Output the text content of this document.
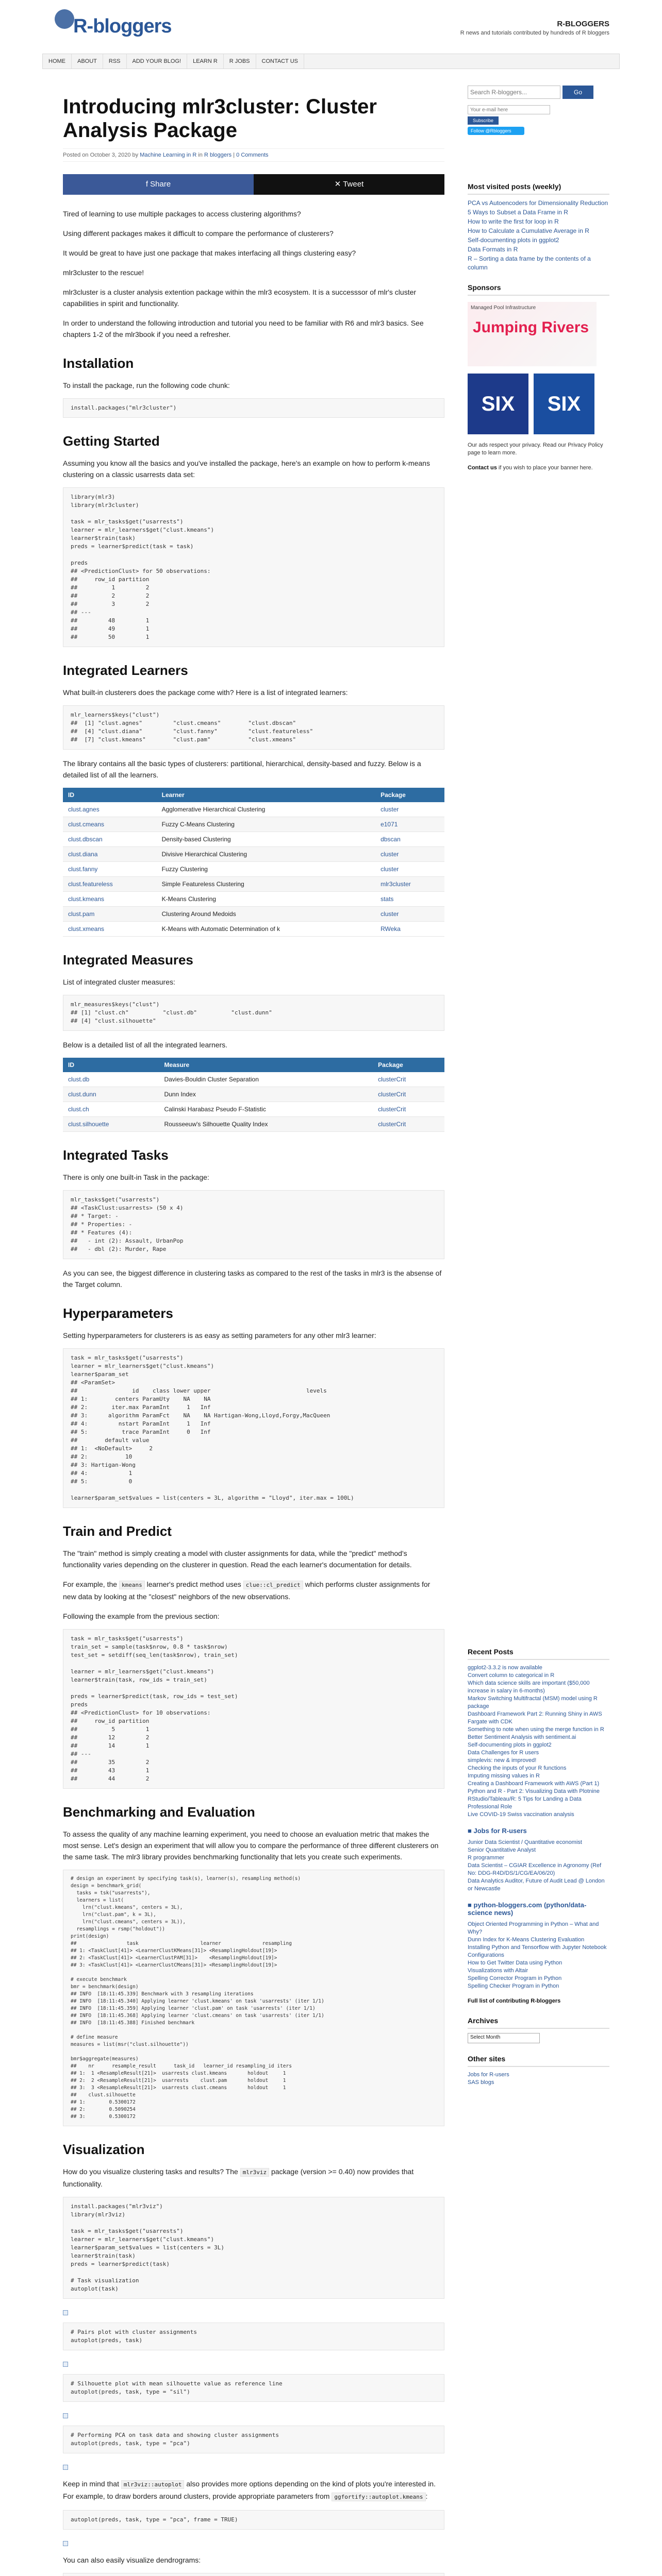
R-bloggers	R-BLOGGERS
R news and tutorials contributed by hundreds of R bloggers
HOME	ABOUT	RSS	ADD YOUR BLOG!	LEARN R	R JOBS	CONTACT US
Introducing mlr3cluster: Cluster Analysis Package
Posted on October 3, 2020 by Machine Learning in R in R bloggers | 0 Comments
f Share	✕ Tweet

Tired of learning to use multiple packages to access clustering algorithms?

Using different packages makes it difficult to compare the performance of clusterers?

It would be great to have just one package that makes interfacing all things clustering easy?

mlr3cluster to the rescue!

mlr3cluster is a cluster analysis extention package within the mlr3 ecosystem. It is a successsor of mlr's cluster capabilities in spirit and functionality.

In order to understand the following introduction and tutorial you need to be familiar with R6 and mlr3 basics. See chapters 1-2 of the mlr3book if you need a refresher.

Installation

To install the package, run the following code chunk:

install.packages("mlr3cluster")
Getting Started

Assuming you know all the basics and you've installed the package, here's an example on how to perform k-means clustering on a classic usarrests data set:

library(mlr3)
library(mlr3cluster)

task = mlr_tasks$get("usarrests")
learner = mlr_learners$get("clust.kmeans")
learner$train(task)
preds = learner$predict(task = task)

preds
## <PredictionClust> for 50 observations:
##     row_id partition
##          1         2
##          2         2
##          3         2
## ---
##         48         1
##         49         1
##         50         1
Integrated Learners

What built-in clusterers does the package come with? Here is a list of integrated learners:

mlr_learners$keys("clust")
##  [1] "clust.agnes"         "clust.cmeans"        "clust.dbscan"
##  [4] "clust.diana"         "clust.fanny"         "clust.featureless"
##  [7] "clust.kmeans"        "clust.pam"           "clust.xmeans"

The library contains all the basic types of clusterers: partitional, hierarchical, density-based and fuzzy. Below is a detailed list of all the learners.

ID	Learner	Package
clust.agnes	Agglomerative Hierarchical Clustering	cluster
clust.cmeans	Fuzzy C-Means Clustering	e1071
clust.dbscan	Density-based Clustering	dbscan
clust.diana	Divisive Hierarchical Clustering	cluster
clust.fanny	Fuzzy Clustering	cluster
clust.featureless	Simple Featureless Clustering	mlr3cluster
clust.kmeans	K-Means Clustering	stats
clust.pam	Clustering Around Medoids	cluster
clust.xmeans	K-Means with Automatic Determination of k	RWeka
Integrated Measures

List of integrated cluster measures:

mlr_measures$keys("clust")
## [1] "clust.ch"          "clust.db"          "clust.dunn"
## [4] "clust.silhouette"

Below is a detailed list of all the integrated learners.

ID	Measure	Package
clust.db	Davies-Bouldin Cluster Separation	clusterCrit
clust.dunn	Dunn Index	clusterCrit
clust.ch	Calinski Harabasz Pseudo F-Statistic	clusterCrit
clust.silhouette	Rousseeuw's Silhouette Quality Index	clusterCrit
Integrated Tasks

There is only one built-in Task in the package:

mlr_tasks$get("usarrests")
## <TaskClust:usarrests> (50 x 4)
## * Target: -
## * Properties: -
## * Features (4):
##   - int (2): Assault, UrbanPop
##   - dbl (2): Murder, Rape

As you can see, the biggest difference in clustering tasks as compared to the rest of the tasks in mlr3 is the absense of the Target column.

Hyperparameters

Setting hyperparameters for clusterers is as easy as setting parameters for any other mlr3 learner:

task = mlr_tasks$get("usarrests")
learner = mlr_learners$get("clust.kmeans")
learner$param_set
## <ParamSet>
##                id    class lower upper                            levels
## 1:        centers ParamUty    NA    NA
## 2:       iter.max ParamInt     1   Inf
## 3:      algorithm ParamFct    NA    NA Hartigan-Wong,Lloyd,Forgy,MacQueen
## 4:         nstart ParamInt     1   Inf
## 5:          trace ParamInt     0   Inf
##        default value
## 1:  <NoDefault>     2
## 2:           10
## 3: Hartigan-Wong
## 4:            1
## 5:            0

learner$param_set$values = list(centers = 3L, algorithm = "Lloyd", iter.max = 100L)
Train and Predict

The "train" method is simply creating a model with cluster assignments for data, while the "predict" method's functionality varies depending on the clusterer in question. Read the each learner's documentation for details.

For example, the kmeans learner's predict method uses clue::cl_predict which performs cluster assignments for new data by looking at the "closest" neighbors of the new observations.

Following the example from the previous section:

task = mlr_tasks$get("usarrests")
train_set = sample(task$nrow, 0.8 * task$nrow)
test_set = setdiff(seq_len(task$nrow), train_set)

learner = mlr_learners$get("clust.kmeans")
learner$train(task, row_ids = train_set)

preds = learner$predict(task, row_ids = test_set)
preds
## <PredictionClust> for 10 observations:
##     row_id partition
##          5         1
##         12         2
##         14         1
## ---
##         35         2
##         43         1
##         44         2
Benchmarking and Evaluation

To assess the quality of any machine learning experiment, you need to choose an evaluation metric that makes the most sense. Let's design an experiment that will allow you to compare the performance of three different clusterers on the same task. The mlr3 library provides benchmarking functionality that lets you create such experiments.

# design an experiment by specifying task(s), learner(s), resampling method(s)
design = benchmark_grid(
tasks = tsk("usarrests"),
learners = list(
lrn("clust.kmeans", centers = 3L),
lrn("clust.pam", k = 3L),
lrn("clust.cmeans", centers = 3L)),
resamplings = rsmp("holdout"))
print(design)
##                 task                     learner              resampling
## 1: <TaskClust[41]> <LearnerClustKMeans[31]> <ResamplingHoldout[19]>
## 2: <TaskClust[41]> <LearnerClustPAM[31]>    <ResamplingHoldout[19]>
## 3: <TaskClust[41]> <LearnerClustCMeans[31]> <ResamplingHoldout[19]>

# execute benchmark
bmr = benchmark(design)
## INFO  [18:11:45.339] Benchmark with 3 resampling iterations
## INFO  [18:11:45.340] Applying learner 'clust.kmeans' on task 'usarrests' (iter 1/1)
## INFO  [18:11:45.359] Applying learner 'clust.pam' on task 'usarrests' (iter 1/1)
## INFO  [18:11:45.368] Applying learner 'clust.cmeans' on task 'usarrests' (iter 1/1)
## INFO  [18:11:45.388] Finished benchmark

# define measure
measures = list(msr("clust.silhouette"))

bmr$aggregate(measures)
##    nr      resample_result      task_id   learner_id resampling_id iters
## 1:  1 <ResampleResult[21]>  usarrests clust.kmeans       holdout     1
## 2:  2 <ResampleResult[21]>  usarrests    clust.pam       holdout     1
## 3:  3 <ResampleResult[21]>  usarrests clust.cmeans       holdout     1
##    clust.silhouette
## 1:        0.5300172
## 2:        0.5090254
## 3:        0.5300172
Visualization

How do you visualize clustering tasks and results? The mlr3viz package (version >= 0.40) now provides that functionality.

install.packages("mlr3viz")
library(mlr3viz)

task = mlr_tasks$get("usarrests")
learner = mlr_learners$get("clust.kmeans")
learner$param_set$values = list(centers = 3L)
learner$train(task)
preds = learner$predict(task)

# Task visualization
autoplot(task)
# Pairs plot with cluster assignments
autoplot(preds, task)
# Silhouette plot with mean silhouette value as reference line
autoplot(preds, task, type = "sil")
# Performing PCA on task data and showing cluster assignments
autoplot(preds, task, type = "pca")

Keep in mind that mlr3viz::autoplot also provides more options depending on the kind of plots you're interested in. For example, to draw borders around clusters, provide appropriate parameters from ggfortify::autoplot.kmeans :

autoplot(preds, task, type = "pca", frame = TRUE)

You can also easily visualize dendrograms:

Search R-bloggers...
Go
Your e-mail here
Subscribe
Follow @Rbloggers
Most visited posts (weekly)
PCA vs Autoencoders for Dimensionality Reduction
5 Ways to Subset a Data Frame in R
How to write the first for loop in R
How to Calculate a Cumulative Average in R
Self-documenting plots in ggplot2
Data Formats in R
R – Sorting a data frame by the contents of a column
Sponsors
Managed Pool Infrastructure
Jumping Rivers
SIX	SIX

Our ads respect your privacy. Read our Privacy Policy page to learn more.

Contact us if you wish to place your banner here.

Recent Posts
ggplot2-3.3.2 is now available
Convert column to categorical in R
Which data science skills are important ($50,000 increase in salary in 6-months)
Markov Switching Multifractal (MSM) model using R package
Dashboard Framework Part 2: Running Shiny in AWS Fargate with CDK
Something to note when using the merge function in R
Better Sentiment Analysis with sentiment.ai
Self-documenting plots in ggplot2
Data Challenges for R users
simplevis: new & improved!
Checking the inputs of your R functions
Imputing missing values in R
Creating a Dashboard Framework with AWS (Part 1)
Python and R - Part 2: Visualizing Data with Plotnine
RStudio/Tableau/R: 5 Tips for Landing a Data Professional Role
Live COVID-19 Swiss vaccination analysis
■ Jobs for R-users
Junior Data Scientist / Quantitative economist
Senior Quantitative Analyst
R programmer
Data Scientist – CGIAR Excellence in Agronomy (Ref No: DDG-R4D/DS/1/CG/EA/06/20)
Data Analytics Auditor, Future of Audit Lead @ London or Newcastle
■ python-bloggers.com (python/data-science news)
Object Oriented Programming in Python – What and Why?
Dunn Index for K-Means Clustering Evaluation
Installing Python and Tensorflow with Jupyter Notebook Configurations
How to Get Twitter Data using Python
Visualizations with Altair
Spelling Corrector Program in Python
Spelling Checker Program in Python

Full list of contributing R-bloggers

Archives
Select Month
Other sites
Jobs for R-users
SAS blogs
